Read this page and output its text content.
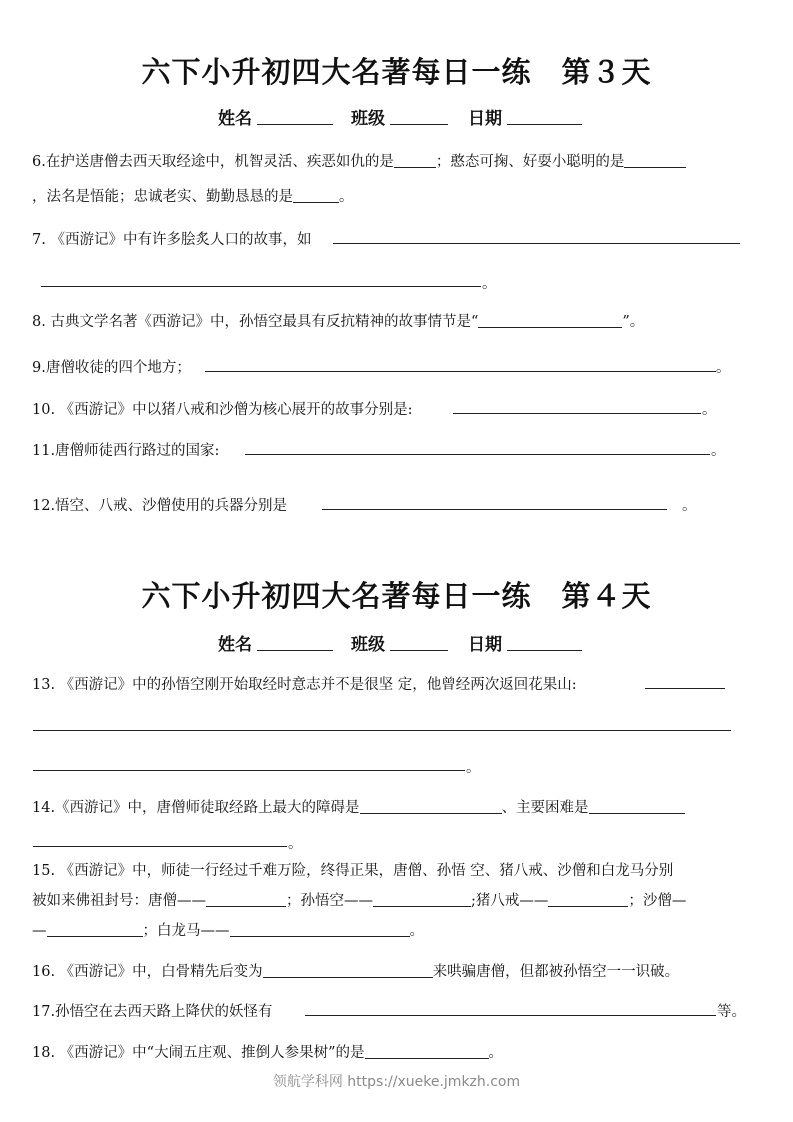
六下小升初四大名著每日一练　第３天
姓名	班级	日期
6.在护送唐僧去西天取经途中，机智灵活、疾恶如仇的是	；憨态可掬、好耍小聪明的是
，法名是悟能；忠诚老实、勤勤恳恳的是	。
7. 《西游记》中有许多脍炙人口的故事，如
。
8. 古典文学名著《西游记》中，孙悟空最具有反抗精神的故事情节是“	”。
9.唐僧收徒的四个地方；	。
10. 《西游记》中以猪八戒和沙僧为核心展开的故事分别是:	。
11.唐僧师徒西行路过的国家:	。
12.悟空、八戒、沙僧使用的兵器分别是	。
六下小升初四大名著每日一练　第４天
姓名	班级	日期
13. 《西游记》中的孙悟空刚开始取经时意志并不是很坚 定，他曾经两次返回花果山:
。
14.《西游记》中，唐僧师徒取经路上最大的障碍是	、主要困难是
。
15. 《西游记》中，师徒一行经过千难万险，终得正果，唐僧、孙悟 空、猪八戒、沙僧和白龙马分别
被如来佛祖封号：唐僧——	；孙悟空——	;猪八戒——	；沙僧—
—	；白龙马——	。
16. 《西游记》中，白骨精先后变为	来哄骗唐僧，但都被孙悟空一一识破。
17.孙悟空在去西天路上降伏的妖怪有	等。
18. 《西游记》中“大闹五庄观、推倒人参果树”的是	。
领航学科网 https://xueke.jmkzh.com
